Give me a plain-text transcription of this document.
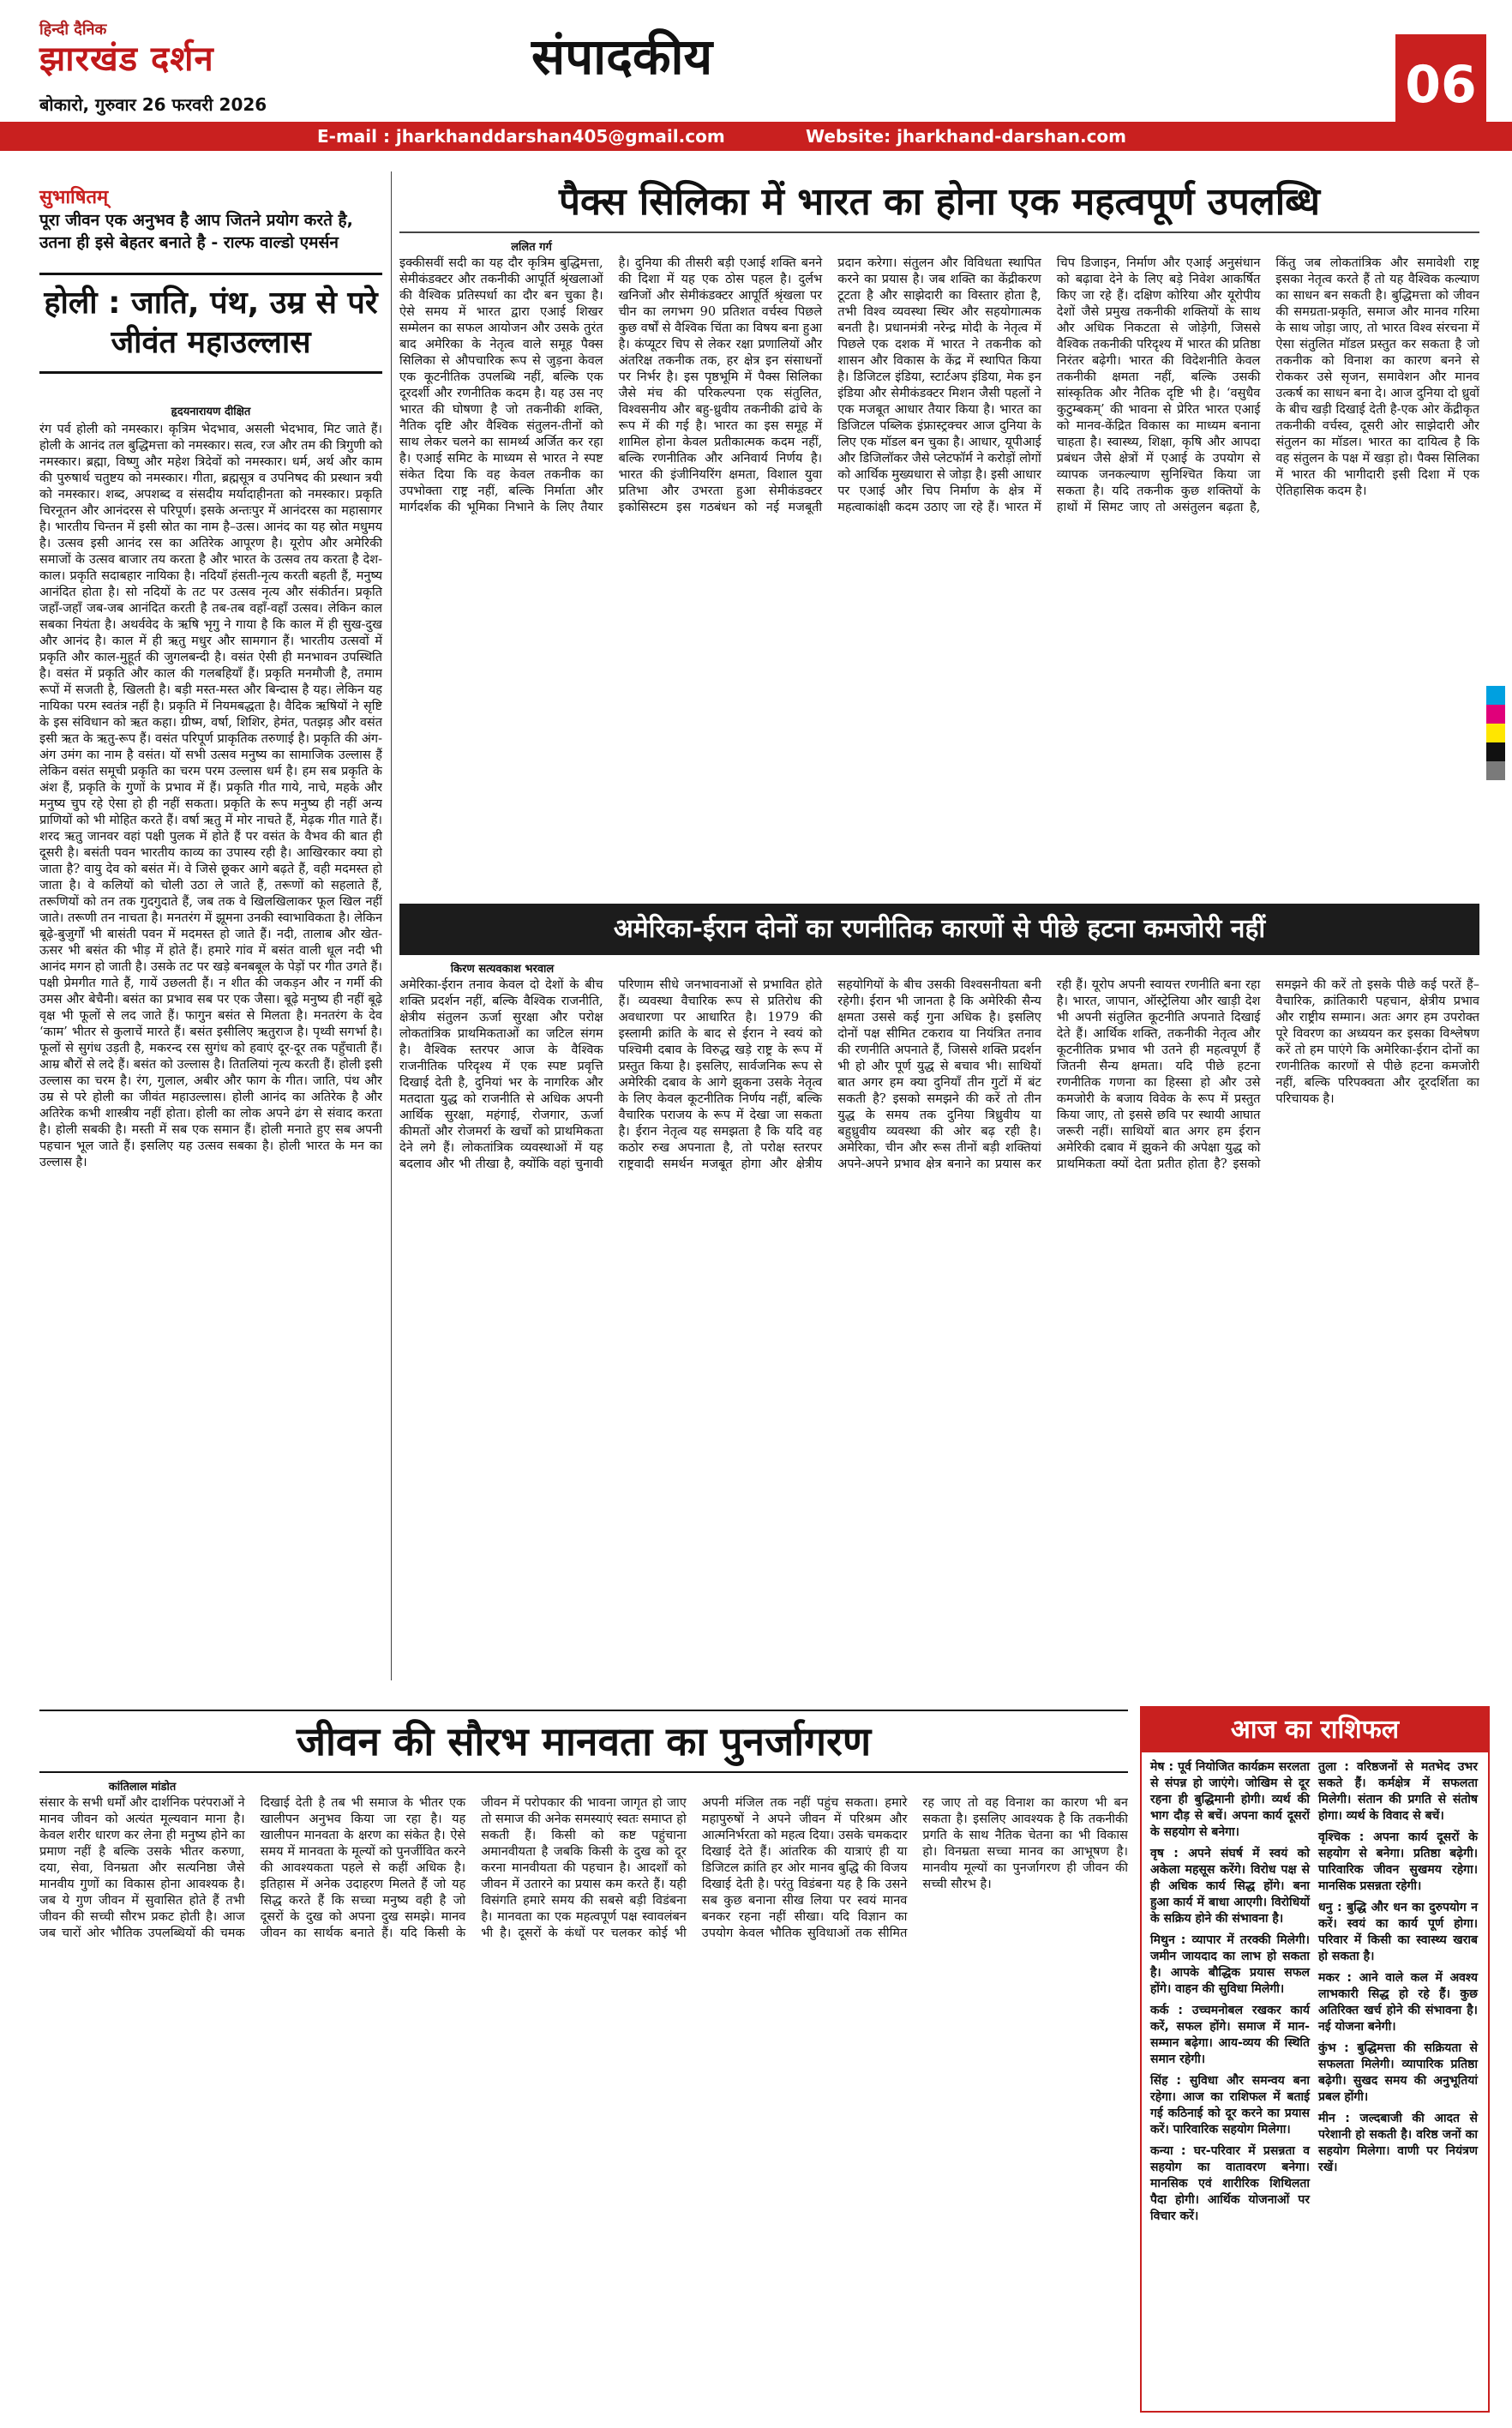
हिन्दी दैनिक
झारखंड दर्शन
बोकारो, गुरुवार 26 फरवरी 2026
संपादकीय	06
E-mail : jharkhanddarshan405@gmail.com	Website: jharkhand-darshan.com
सुभाषितम्
पूरा जीवन एक अनुभव है आप जितने प्रयोग करते है, उतना ही इसे बेहतर बनाते है - राल्फ वाल्डो एमर्सन
होली : जाति, पंथ, उम्र से परे जीवंत महाउल्लास
हृदयनारायण दीक्षित
रंग पर्व होली को नमस्कार। कृत्रिम भेदभाव, असली भेदभाव, मिट जाते हैं। होली के आनंद तल बुद्धिमत्ता को नमस्कार। सत्व, रज और तम की त्रिगुणी को नमस्कार। ब्रह्मा, विष्णु और महेश त्रिदेवों को नमस्कार। धर्म, अर्थ और काम की पुरुषार्थ चतुष्टय को नमस्कार। गीता, ब्रह्मसूत्र व उपनिषद की प्रस्थान त्रयी को नमस्कार। शब्द, अपशब्द व संसदीय मर्यादाहीनता को नमस्कार। प्रकृति चिरनूतन और आनंदरस से परिपूर्ण। इसके अन्तःपुर में आनंदरस का महासागर है। भारतीय चिन्तन में इसी स्रोत का नाम है–उत्स। आनंद का यह स्रोत मधुमय है। उत्सव इसी आनंद रस का अतिरेक आपूरण है। यूरोप और अमेरिकी समाजों के उत्सव बाजार तय करता है और भारत के उत्सव तय करता है देश-काल। प्रकृति सदाबहार नायिका है। नदियाँ हंसती-नृत्य करती बहती हैं, मनुष्य आनंदित होता है। सो नदियों के तट पर उत्सव नृत्य और संकीर्तन। प्रकृति जहाँ-जहाँ जब-जब आनंदित करती है तब-तब वहाँ-वहाँ उत्सव। लेकिन काल सबका नियंता है। अथर्ववेद के ऋषि भृगु ने गाया है कि काल में ही सुख-दुख और आनंद है। काल में ही ऋतु मधुर और सामगान हैं। भारतीय उत्सवों में प्रकृति और काल-मुहूर्त की जुगलबन्दी है। वसंत ऐसी ही मनभावन उपस्थिति है। वसंत में प्रकृति और काल की गलबहियाँ हैं। प्रकृति मनमौजी है, तमाम रूपों में सजती है, खिलती है। बड़ी मस्त-मस्त और बिन्दास है यह। लेकिन यह नायिका परम स्वतंत्र नहीं है। प्रकृति में नियमबद्धता है। वैदिक ऋषियों ने सृष्टि के इस संविधान को ऋत कहा। ग्रीष्म, वर्षा, शिशिर, हेमंत, पतझड़ और वसंत इसी ऋत के ऋतु-रूप हैं। वसंत परिपूर्ण प्राकृतिक तरुणाई है। प्रकृति की अंग-अंग उमंग का नाम है वसंत। यों सभी उत्सव मनुष्य का सामाजिक उल्लास हैं लेकिन वसंत समूची प्रकृति का चरम परम उल्लास धर्म है। हम सब प्रकृति के अंश हैं, प्रकृति के गुणों के प्रभाव में हैं। प्रकृति गीत गाये, नाचे, महके और मनुष्य चुप रहे ऐसा हो ही नहीं सकता। प्रकृति के रूप मनुष्य ही नहीं अन्य प्राणियों को भी मोहित करते हैं। वर्षा ऋतु में मोर नाचते हैं, मेढ़क गीत गाते हैं। शरद ऋतु जानवर वहां पक्षी पुलक में होते हैं पर वसंत के वैभव की बात ही दूसरी है। बसंती पवन भारतीय काव्य का उपास्य रही है। आखिरकार क्या हो जाता है? वायु देव को बसंत में। वे जिसे छूकर आगे बढ़ते हैं, वही मदमस्त हो जाता है। वे कलियों को चोली उठा ले जाते हैं, तरूणों को सहलाते हैं, तरूणियों को तन तक गुदगुदाते हैं, जब तक वे खिलखिलाकर फूल खिल नहीं जाते। तरूणी तन नाचता है। मनतरंग में झूमना उनकी स्वाभाविकता है। लेकिन बूढ़े-बुजुर्गों भी बासंती पवन में मदमस्त हो जाते हैं। नदी, तालाब और खेत-ऊसर भी बसंत की भीड़ में होते हैं। हमारे गांव में बसंत वाली धूल नदी भी आनंद मगन हो जाती है। उसके तट पर खड़े बनबबूल के पेड़ों पर गीत उगते हैं। पक्षी प्रेमगीत गाते हैं, गायें उछलती हैं। न शीत की जकड़न और न गर्मी की उमस और बेचैनी। बसंत का प्रभाव सब पर एक जैसा। बूढ़े मनुष्य ही नहीं बूढ़े वृक्ष भी फूलों से लद जाते हैं। फागुन बसंत से मिलता है। मनतरंग के देव ‘काम’ भीतर से कुलाचें मारते हैं। बसंत इसीलिए ऋतुराज है। पृथ्वी सगर्भा है। फूलों से सुगंध उड़ती है, मकरन्द रस सुगंध को हवाएं दूर-दूर तक पहुँचाती हैं। आम्र बौरों से लदे हैं। बसंत को उल्लास है। तितलियां नृत्य करती हैं। होली इसी उल्लास का चरम है। रंग, गुलाल, अबीर और फाग के गीत। जाति, पंथ और उम्र से परे होली का जीवंत महाउल्लास। होली आनंद का अतिरेक है और अतिरेक कभी शास्त्रीय नहीं होता। होली का लोक अपने ढंग से संवाद करता है। होली सबकी है। मस्ती में सब एक समान हैं। होली मनाते हुए सब अपनी पहचान भूल जाते हैं। इसलिए यह उत्सव सबका है। होली भारत के मन का उल्लास है।
पैक्स सिलिका में भारत का होना एक महत्वपूर्ण उपलब्धि
ललित गर्ग
इक्कीसवीं सदी का यह दौर कृत्रिम बुद्धिमत्ता, सेमीकंडक्टर और तकनीकी आपूर्ति श्रृंखलाओं की वैश्विक प्रतिस्पर्धा का दौर बन चुका है। ऐसे समय में भारत द्वारा एआई शिखर सम्मेलन का सफल आयोजन और उसके तुरंत बाद अमेरिका के नेतृत्व वाले समूह पैक्स सिलिका से औपचारिक रूप से जुड़ना केवल एक कूटनीतिक उपलब्धि नहीं, बल्कि एक दूरदर्शी और रणनीतिक कदम है। यह उस नए भारत की घोषणा है जो तकनीकी शक्ति, नैतिक दृष्टि और वैश्विक संतुलन-तीनों को साथ लेकर चलने का सामर्थ्य अर्जित कर रहा है। एआई समिट के माध्यम से भारत ने स्पष्ट संकेत दिया कि वह केवल तकनीक का उपभोक्ता राष्ट्र नहीं, बल्कि निर्माता और मार्गदर्शक की भूमिका निभाने के लिए तैयार है। दुनिया की तीसरी बड़ी एआई शक्ति बनने की दिशा में यह एक ठोस पहल है। दुर्लभ खनिजों और सेमीकंडक्टर आपूर्ति श्रृंखला पर चीन का लगभग 90 प्रतिशत वर्चस्व पिछले कुछ वर्षों से वैश्विक चिंता का विषय बना हुआ है। कंप्यूटर चिप से लेकर रक्षा प्रणालियों और अंतरिक्ष तकनीक तक, हर क्षेत्र इन संसाधनों पर निर्भर है। इस पृष्ठभूमि में पैक्स सिलिका जैसे मंच की परिकल्पना एक संतुलित, विश्वसनीय और बहु-ध्रुवीय तकनीकी ढांचे के रूप में की गई है। भारत का इस समूह में शामिल होना केवल प्रतीकात्मक कदम नहीं, बल्कि रणनीतिक और अनिवार्य निर्णय है। भारत की इंजीनियरिंग क्षमता, विशाल युवा प्रतिभा और उभरता हुआ सेमीकंडक्टर इकोसिस्टम इस गठबंधन को नई मजबूती प्रदान करेगा। संतुलन और विविधता स्थापित करने का प्रयास है। जब शक्ति का केंद्रीकरण टूटता है और साझेदारी का विस्तार होता है, तभी विश्व व्यवस्था स्थिर और सहयोगात्मक बनती है। प्रधानमंत्री नरेन्द्र मोदी के नेतृत्व में पिछले एक दशक में भारत ने तकनीक को शासन और विकास के केंद्र में स्थापित किया है। डिजिटल इंडिया, स्टार्टअप इंडिया, मेक इन इंडिया और सेमीकंडक्टर मिशन जैसी पहलों ने एक मजबूत आधार तैयार किया है। भारत का डिजिटल पब्लिक इंफ्रास्ट्रक्चर आज दुनिया के लिए एक मॉडल बन चुका है। आधार, यूपीआई और डिजिलॉकर जैसे प्लेटफॉर्म ने करोड़ों लोगों को आर्थिक मुख्यधारा से जोड़ा है। इसी आधार पर एआई और चिप निर्माण के क्षेत्र में महत्वाकांक्षी कदम उठाए जा रहे हैं। भारत में चिप डिजाइन, निर्माण और एआई अनुसंधान को बढ़ावा देने के लिए बड़े निवेश आकर्षित किए जा रहे हैं। दक्षिण कोरिया और यूरोपीय देशों जैसे प्रमुख तकनीकी शक्तियों के साथ और अधिक निकटता से जोड़ेगी, जिससे वैश्विक तकनीकी परिदृश्य में भारत की प्रतिष्ठा निरंतर बढ़ेगी। भारत की विदेशनीति केवल तकनीकी क्षमता नहीं, बल्कि उसकी सांस्कृतिक और नैतिक दृष्टि भी है। ‘वसुधैव कुटुम्बकम्’ की भावना से प्रेरित भारत एआई को मानव-केंद्रित विकास का माध्यम बनाना चाहता है। स्वास्थ्य, शिक्षा, कृषि और आपदा प्रबंधन जैसे क्षेत्रों में एआई के उपयोग से व्यापक जनकल्याण सुनिश्चित किया जा सकता है। यदि तकनीक कुछ शक्तियों के हाथों में सिमट जाए तो असंतुलन बढ़ता है, किंतु जब लोकतांत्रिक और समावेशी राष्ट्र इसका नेतृत्व करते हैं तो यह वैश्विक कल्याण का साधन बन सकती है। बुद्धिमत्ता को जीवन की समग्रता-प्रकृति, समाज और मानव गरिमा के साथ जोड़ा जाए, तो भारत विश्व संरचना में ऐसा संतुलित मॉडल प्रस्तुत कर सकता है जो तकनीक को विनाश का कारण बनने से रोककर उसे सृजन, समावेशन और मानव उत्कर्ष का साधन बना दे। आज दुनिया दो ध्रुवों के बीच खड़ी दिखाई देती है-एक ओर केंद्रीकृत तकनीकी वर्चस्व, दूसरी ओर साझेदारी और संतुलन का मॉडल। भारत का दायित्व है कि वह संतुलन के पक्ष में खड़ा हो। पैक्स सिलिका में भारत की भागीदारी इसी दिशा में एक ऐतिहासिक कदम है।
अमेरिका-ईरान दोनों का रणनीतिक कारणों से पीछे हटना कमजोरी नहीं
किरण सत्यवकाश भरवाल
अमेरिका-ईरान तनाव केवल दो देशों के बीच शक्ति प्रदर्शन नहीं, बल्कि वैश्विक राजनीति, क्षेत्रीय संतुलन ऊर्जा सुरक्षा और परोक्ष लोकतांत्रिक प्राथमिकताओं का जटिल संगम है। वैश्विक स्तरपर आज के वैश्विक राजनीतिक परिदृश्य में एक स्पष्ट प्रवृत्ति दिखाई देती है, दुनियां भर के नागरिक और मतदाता युद्ध को राजनीति से अधिक अपनी आर्थिक सुरक्षा, महंगाई, रोजगार, ऊर्जा कीमतों और रोजमर्रा के खर्चों को प्राथमिकता देने लगे हैं। लोकतांत्रिक व्यवस्थाओं में यह बदलाव और भी तीखा है, क्योंकि वहां चुनावी परिणाम सीधे जनभावनाओं से प्रभावित होते हैं। व्यवस्था वैचारिक रूप से प्रतिरोध की अवधारणा पर आधारित है। 1979 की इस्लामी क्रांति के बाद से ईरान ने स्वयं को पश्चिमी दबाव के विरुद्ध खड़े राष्ट्र के रूप में प्रस्तुत किया है। इसलिए, सार्वजनिक रूप से अमेरिकी दबाव के आगे झुकना उसके नेतृत्व के लिए केवल कूटनीतिक निर्णय नहीं, बल्कि वैचारिक पराजय के रूप में देखा जा सकता है। ईरान नेतृत्व यह समझता है कि यदि वह कठोर रुख अपनाता है, तो परोक्ष स्तरपर राष्ट्रवादी समर्थन मजबूत होगा और क्षेत्रीय सहयोगियों के बीच उसकी विश्वसनीयता बनी रहेगी। ईरान भी जानता है कि अमेरिकी सैन्य क्षमता उससे कई गुना अधिक है। इसलिए दोनों पक्ष सीमित टकराव या नियंत्रित तनाव की रणनीति अपनाते हैं, जिससे शक्ति प्रदर्शन भी हो और पूर्ण युद्ध से बचाव भी। साथियों बात अगर हम क्या दुनियाँ तीन गुटों में बंट सकती है? इसको समझने की करें तो तीन युद्ध के समय तक दुनिया त्रिध्रुवीय या बहुध्रुवीय व्यवस्था की ओर बढ़ रही है। अमेरिका, चीन और रूस तीनों बड़ी शक्तियां अपने-अपने प्रभाव क्षेत्र बनाने का प्रयास कर रही हैं। यूरोप अपनी स्वायत्त रणनीति बना रहा है। भारत, जापान, ऑस्ट्रेलिया और खाड़ी देश भी अपनी संतुलित कूटनीति अपनाते दिखाई देते हैं। आर्थिक शक्ति, तकनीकी नेतृत्व और कूटनीतिक प्रभाव भी उतने ही महत्वपूर्ण हैं जितनी सैन्य क्षमता। यदि पीछे हटना रणनीतिक गणना का हिस्सा हो और उसे कमजोरी के बजाय विवेक के रूप में प्रस्तुत किया जाए, तो इससे छवि पर स्थायी आघात जरूरी नहीं। साथियों बात अगर हम ईरान अमेरिकी दबाव में झुकने की अपेक्षा युद्ध को प्राथमिकता क्यों देता प्रतीत होता है? इसको समझने की करें तो इसके पीछे कई परतें हैं–वैचारिक, क्रांतिकारी पहचान, क्षेत्रीय प्रभाव और राष्ट्रीय सम्मान। अतः अगर हम उपरोक्त पूरे विवरण का अध्ययन कर इसका विश्लेषण करें तो हम पाएंगे कि अमेरिका-ईरान दोनों का रणनीतिक कारणों से पीछे हटना कमजोरी नहीं, बल्कि परिपक्वता और दूरदर्शिता का परिचायक है।
जीवन की सौरभ मानवता का पुनर्जागरण
कांतिलाल मांडोत
संसार के सभी धर्मों और दार्शनिक परंपराओं ने मानव जीवन को अत्यंत मूल्यवान माना है। केवल शरीर धारण कर लेना ही मनुष्य होने का प्रमाण नहीं है बल्कि उसके भीतर करुणा, दया, सेवा, विनम्रता और सत्यनिष्ठा जैसे मानवीय गुणों का विकास होना आवश्यक है। जब ये गुण जीवन में सुवासित होते हैं तभी जीवन की सच्ची सौरभ प्रकट होती है। आज जब चारों ओर भौतिक उपलब्धियों की चमक दिखाई देती है तब भी समाज के भीतर एक खालीपन अनुभव किया जा रहा है। यह खालीपन मानवता के क्षरण का संकेत है। ऐसे समय में मानवता के मूल्यों को पुनर्जीवित करने की आवश्यकता पहले से कहीं अधिक है। इतिहास में अनेक उदाहरण मिलते हैं जो यह सिद्ध करते हैं कि सच्चा मनुष्य वही है जो दूसरों के दुख को अपना दुख समझे। मानव जीवन का सार्थक बनाते हैं। यदि किसी के जीवन में परोपकार की भावना जागृत हो जाए तो समाज की अनेक समस्याएं स्वतः समाप्त हो सकती हैं। किसी को कष्ट पहुंचाना अमानवीयता है जबकि किसी के दुख को दूर करना मानवीयता की पहचान है। आदर्शों को जीवन में उतारने का प्रयास कम करते हैं। यही विसंगति हमारे समय की सबसे बड़ी विडंबना है। मानवता का एक महत्वपूर्ण पक्ष स्वावलंबन भी है। दूसरों के कंधों पर चलकर कोई भी अपनी मंजिल तक नहीं पहुंच सकता। हमारे महापुरुषों ने अपने जीवन में परिश्रम और आत्मनिर्भरता को महत्व दिया। उसके चमकदार दिखाई देते हैं। आंतरिक की यात्राएं ही या डिजिटल क्रांति हर ओर मानव बुद्धि की विजय दिखाई देती है। परंतु विडंबना यह है कि उसने सब कुछ बनाना सीख लिया पर स्वयं मानव बनकर रहना नहीं सीखा। यदि विज्ञान का उपयोग केवल भौतिक सुविधाओं तक सीमित रह जाए तो वह विनाश का कारण भी बन सकता है। इसलिए आवश्यक है कि तकनीकी प्रगति के साथ नैतिक चेतना का भी विकास हो। विनम्रता सच्चा मानव का आभूषण है। मानवीय मूल्यों का पुनर्जागरण ही जीवन की सच्ची सौरभ है।
आज का राशिफल

मेष : पूर्व नियोजित कार्यक्रम सरलता से संपन्न हो जाएंगे। जोखिम से दूर रहना ही बुद्धिमानी होगी। व्यर्थ की भाग दौड़ से बचें। अपना कार्य दूसरों के सहयोग से बनेगा।

वृष : अपने संघर्ष में स्वयं को अकेला महसूस करेंगे। विरोध पक्ष से ही अधिक कार्य सिद्ध होंगे। बना हुआ कार्य में बाधा आएगी। विरोधियों के सक्रिय होने की संभावना है।

मिथुन : व्यापार में तरक्की मिलेगी। जमीन जायदाद का लाभ हो सकता है। आपके बौद्धिक प्रयास सफल होंगे। वाहन की सुविधा मिलेगी।

कर्क : उच्चमनोबल रखकर कार्य करें, सफल होंगे। समाज में मान-सम्मान बढ़ेगा। आय-व्यय की स्थिति समान रहेगी।

सिंह : सुविधा और समन्वय बना रहेगा। आज का राशिफल में बताई गई कठिनाई को दूर करने का प्रयास करें। पारिवारिक सहयोग मिलेगा।

कन्या : घर-परिवार में प्रसन्नता व सहयोग का वातावरण बनेगा। मानसिक एवं शारीरिक शिथिलता पैदा होगी। आर्थिक योजनाओं पर विचार करें।

तुला : वरिष्ठजनों से मतभेद उभर सकते हैं। कर्मक्षेत्र में सफलता मिलेगी। संतान की प्रगति से संतोष होगा। व्यर्थ के विवाद से बचें।

वृश्चिक : अपना कार्य दूसरों के सहयोग से बनेगा। प्रतिष्ठा बढ़ेगी। पारिवारिक जीवन सुखमय रहेगा। मानसिक प्रसन्नता रहेगी।

धनु : बुद्धि और धन का दुरुपयोग न करें। स्वयं का कार्य पूर्ण होगा। परिवार में किसी का स्वास्थ्य खराब हो सकता है।

मकर : आने वाले कल में अवश्य लाभकारी सिद्ध हो रहे हैं। कुछ अतिरिक्त खर्च होने की संभावना है। नई योजना बनेगी।

कुंभ : बुद्धिमत्ता की सक्रियता से सफलता मिलेगी। व्यापारिक प्रतिष्ठा बढ़ेगी। सुखद समय की अनुभूतियां प्रबल होंगी।

मीन : जल्दबाजी की आदत से परेशानी हो सकती है। वरिष्ठ जनों का सहयोग मिलेगा। वाणी पर नियंत्रण रखें।
